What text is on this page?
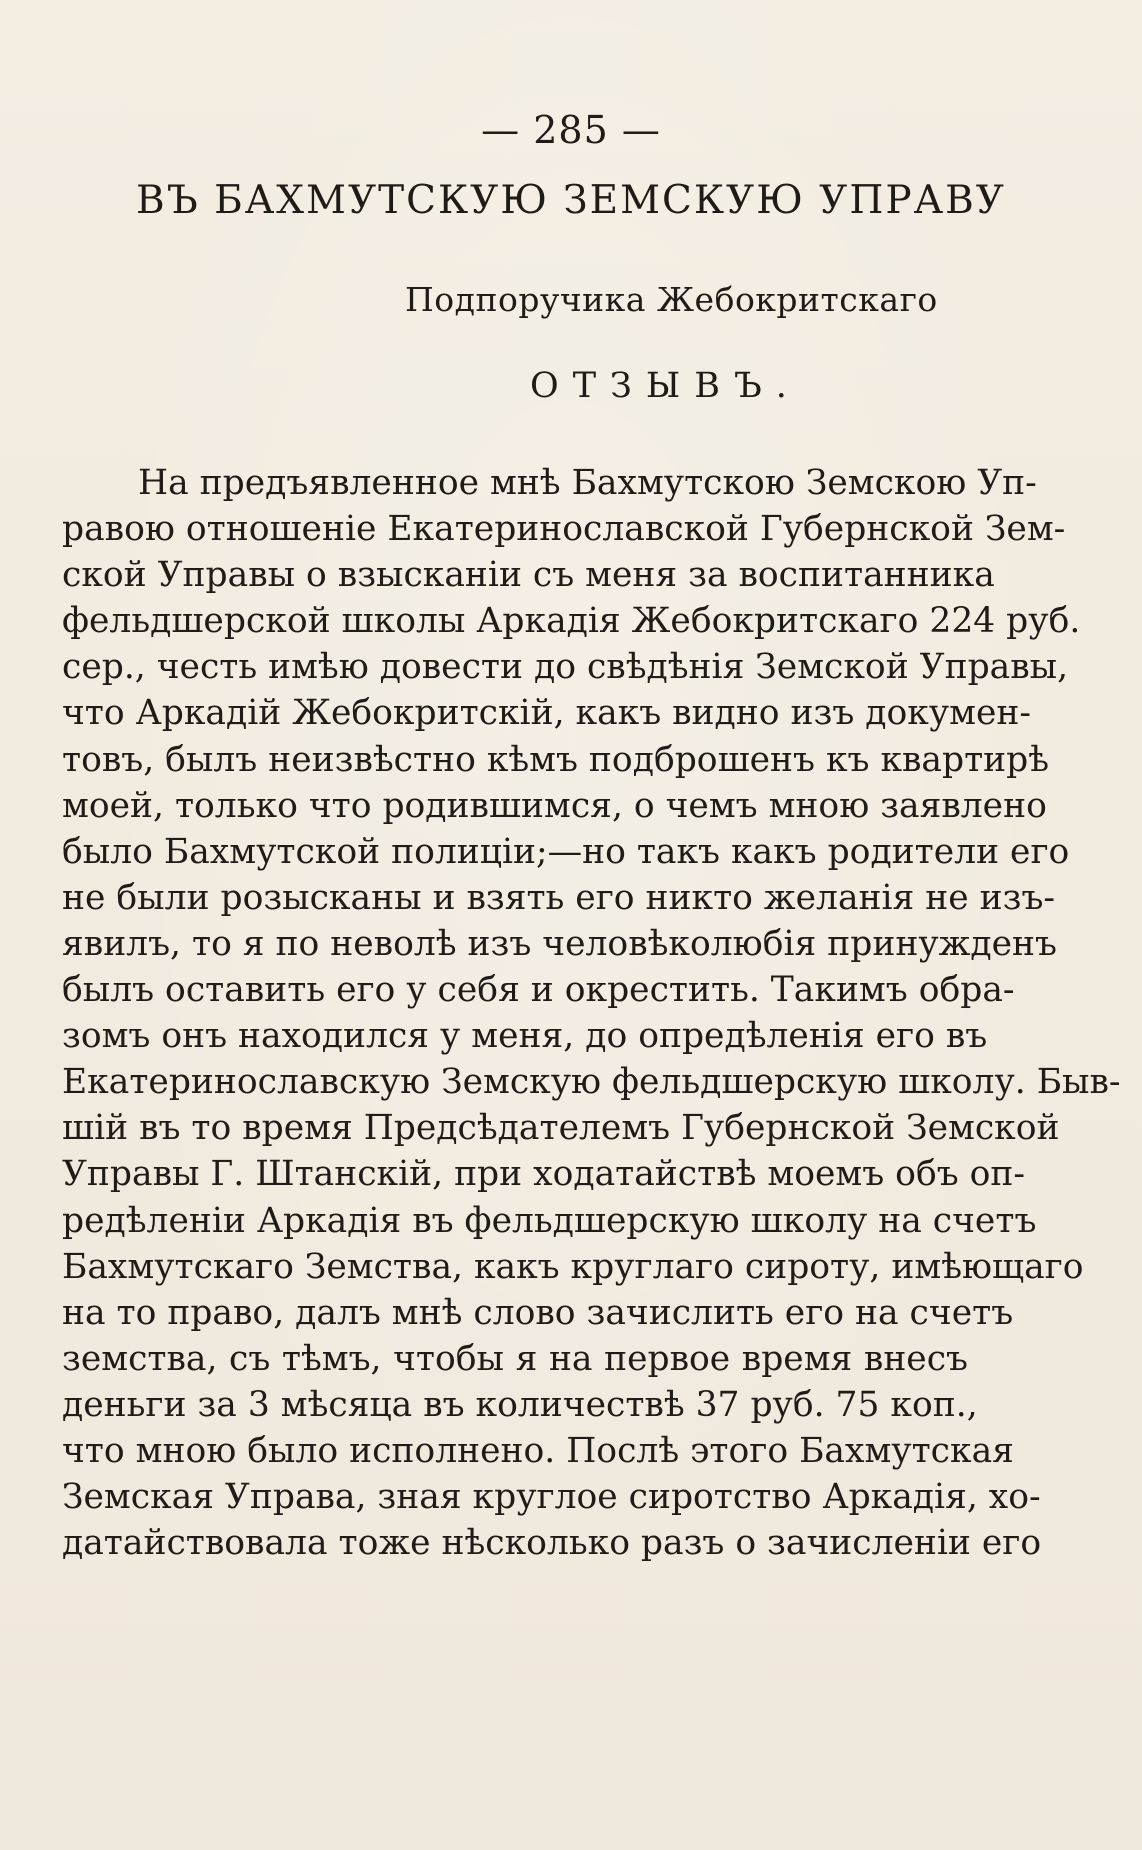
— 285 —
ВЪ БАХМУТСКУЮ ЗЕМСКУЮ УПРАВУ
Подпоручика Жебокритскаго
ОТЗЫВЪ.
На предъявленное мнѣ Бахмутскою Земскою Уп-
равою отношеніе Екатеринославской Губернской Зем-
ской Управы о взысканіи съ меня за воспитанника
фельдшерской школы Аркадія Жебокритскаго 224 руб.
сер., честь имѣю довести до свѣдѣнія Земской Управы,
что Аркадій Жебокритскій, какъ видно изъ докумен-
товъ, былъ неизвѣстно кѣмъ подброшенъ къ квартирѣ
моей, только что родившимся, о чемъ мною заявлено
было Бахмутской полиціи;—но такъ какъ родители его
не были розысканы и взять его никто желанія не изъ-
явилъ, то я по неволѣ изъ человѣколюбія принужденъ
былъ оставить его у себя и окрестить. Такимъ обра-
зомъ онъ находился у меня, до опредѣленія его въ
Екатеринославскую Земскую фельдшерскую школу. Быв-
шій въ то время Предсѣдателемъ Губернской Земской
Управы Г. Штанскій, при ходатайствѣ моемъ объ оп-
редѣленіи Аркадія въ фельдшерскую школу на счетъ
Бахмутскаго Земства, какъ круглаго сироту, имѣющаго
на то право, далъ мнѣ слово зачислить его на счетъ
земства, съ тѣмъ, чтобы я на первое время внесъ
деньги за 3 мѣсяца въ количествѣ 37 руб. 75 коп.,
что мною было исполнено. Послѣ этого Бахмутская
Земская Управа, зная круглое сиротство Аркадія, хо-
датайствовала тоже нѣсколько разъ о зачисленіи его
